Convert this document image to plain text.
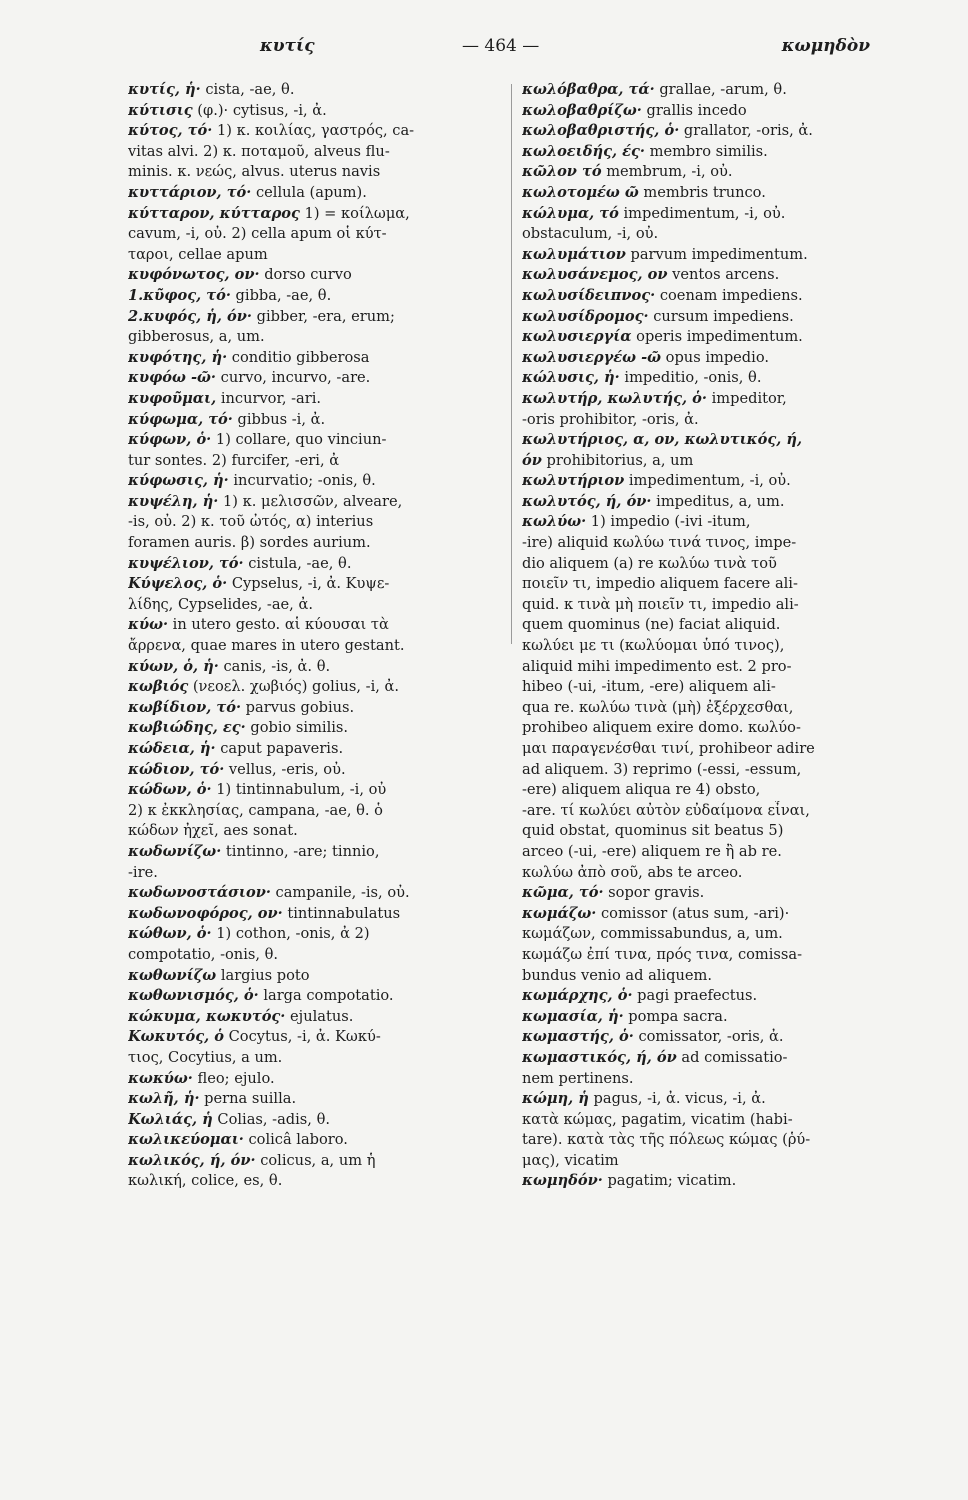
κυτίς	— 464 —	κωμηδὸν
κυτίς, ἡ· cista, -ae, θ.
κύτισις (φ.)· cytisus, -i, ἀ.
κύτος, τό· 1) κ. κοιλίας, γαστρός, ca-
vitas alvi. 2) κ. ποταμοῦ, alveus flu-
minis. κ. νεώς, alvus. uterus navis
κυττάριον, τό· cellula (apum).
κύτταρον, κύτταρος 1) = κοίλωμα,
cavum, -i, οὐ. 2) cella apum οἱ κύτ-
ταροι, cellae apum
κυφόνωτος, ον· dorso curvo
1.κῦφος, τό· gibba, -ae, θ.
2.κυφός, ἡ, όν· gibber, -era, erum;
gibberosus, a, um.
κυφότης, ἡ· conditio gibberosa
κυφόω -ῶ· curvo, incurvo, -are.
κυφοῦμαι, incurvor, -ari.
κύφωμα, τό· gibbus -i, ἀ.
κύφων, ὁ· 1) collare, quo vinciun-
tur sontes. 2) furcifer, -eri, ἀ
κύφωσις, ἡ· incurvatio; -onis, θ.
κυψέλη, ἡ· 1) κ. μελισσῶν, alveare,
-is, οὐ. 2) κ. τοῦ ὠτός, α) interius
foramen auris. β) sordes aurium.
κυψέλιον, τό· cistula, -ae, θ.
Κύψελος, ὁ· Cypselus, -i, ἀ. Κυψε-
λίδης, Cypselides, -ae, ἀ.
κύω· in utero gesto. αἱ κύουσαι τὰ
ἄρρενα, quae mares in utero gestant.
κύων, ὁ, ἡ· canis, -is, ἀ. θ.
κωβιός (νεοελ. χωβιός) golius, -i, ἀ.
κωβίδιον, τό· parvus gobius.
κωβιώδης, ες· gobio similis.
κώδεια, ἡ· caput papaveris.
κώδιον, τό· vellus, -eris, οὐ.
κώδων, ὁ· 1) tintinnabulum, -i, οὐ
2) κ ἐκκλησίας, campana, -ae, θ. ὁ
κώδων ἠχεῖ, aes sonat.
κωδωνίζω· tintinno, -are; tinnio,
-ire.
κωδωνοστάσιον· campanile, -is, οὐ.
κωδωνοφόρος, ον· tintinnabulatus
κώθων, ὁ· 1) cothon, -onis, ἀ 2)
compotatio, -onis, θ.
κωθωνίζω largius poto
κωθωνισμός, ὁ· larga compotatio.
κώκυμα, κωκυτός· ejulatus.
Κωκυτός, ὁ Cocytus, -i, ἀ. Κωκύ-
τιος, Cocytius, a um.
κωκύω· fleo; ejulo.
κωλῆ, ἡ· perna suilla.
Κωλιάς, ἡ Colias, -adis, θ.
κωλικεύομαι· colicâ laboro.
κωλικός, ή, όν· colicus, a, um ἡ
κωλική, colice, es, θ.
κωλόβαθρα, τά· grallae, -arum, θ.
κωλοβαθρίζω· grallis incedo
κωλοβαθριστής, ὁ· grallator, -oris, ἀ.
κωλοειδής, ές· membro similis.
κῶλον τό membrum, -i, οὐ.
κωλοτομέω ῶ membris trunco.
κώλυμα, τό impedimentum, -i, οὐ.
obstaculum, -i, οὐ.
κωλυμάτιον parvum impedimentum.
κωλυσάνεμος, ον ventos arcens.
κωλυσίδειπνος· coenam impediens.
κωλυσίδρομος· cursum impediens.
κωλυσιεργία operis impedimentum.
κωλυσιεργέω -ῶ opus impedio.
κώλυσις, ἡ· impeditio, -onis, θ.
κωλυτήρ, κωλυτής, ὁ· impeditor,
-oris prohibitor, -oris, ἀ.
κωλυτήριος, α, ον, κωλυτικός, ή,
όν prohibitorius, a, um
κωλυτήριον impedimentum, -i, οὐ.
κωλυτός, ή, όν· impeditus, a, um.
κωλύω· 1) impedio (-ivi -itum,
-ire) aliquid κωλύω τινά τινος, impe-
dio aliquem (a) re κωλύω τινὰ τοῦ
ποιεῖν τι, impedio aliquem facere ali-
quid. κ τινὰ μὴ ποιεῖν τι, impedio ali-
quem quominus (ne) faciat aliquid.
κωλύει με τι (κωλύομαι ὑπό τινος),
aliquid mihi impedimento est. 2 pro-
hibeo (-ui, -itum, -ere) aliquem ali-
qua re. κωλύω τινὰ (μὴ) ἐξέρχεσθαι,
prohibeo aliquem exire domo. κωλύο-
μαι παραγενέσθαι τινί, prohibeor adire
ad aliquem. 3) reprimo (-essi, -essum,
-ere) aliquem aliqua re 4) obsto,
-are. τί κωλύει αὐτὸν εὐδαίμονα εἶναι,
quid obstat, quominus sit beatus 5)
arceo (-ui, -ere) aliquem re ἢ ab re.
κωλύω ἀπὸ σοῦ, abs te arceo.
κῶμα, τό· sopor gravis.
κωμάζω· comissor (atus sum, -ari)·
κωμάζων, commissabundus, a, um.
κωμάζω ἐπί τινα, πρός τινα, comissa-
bundus venio ad aliquem.
κωμάρχης, ὁ· pagi praefectus.
κωμασία, ἡ· pompa sacra.
κωμαστής, ὁ· comissator, -oris, ἀ.
κωμαστικός, ή, όν ad comissatio-
nem pertinens.
κώμη, ἡ pagus, -i, ἀ. vicus, -i, ἀ.
κατὰ κώμας, pagatim, vicatim (habi-
tare). κατὰ τὰς τῆς πόλεως κώμας (ῥύ-
μας), vicatim
κωμηδόν· pagatim; vicatim.
